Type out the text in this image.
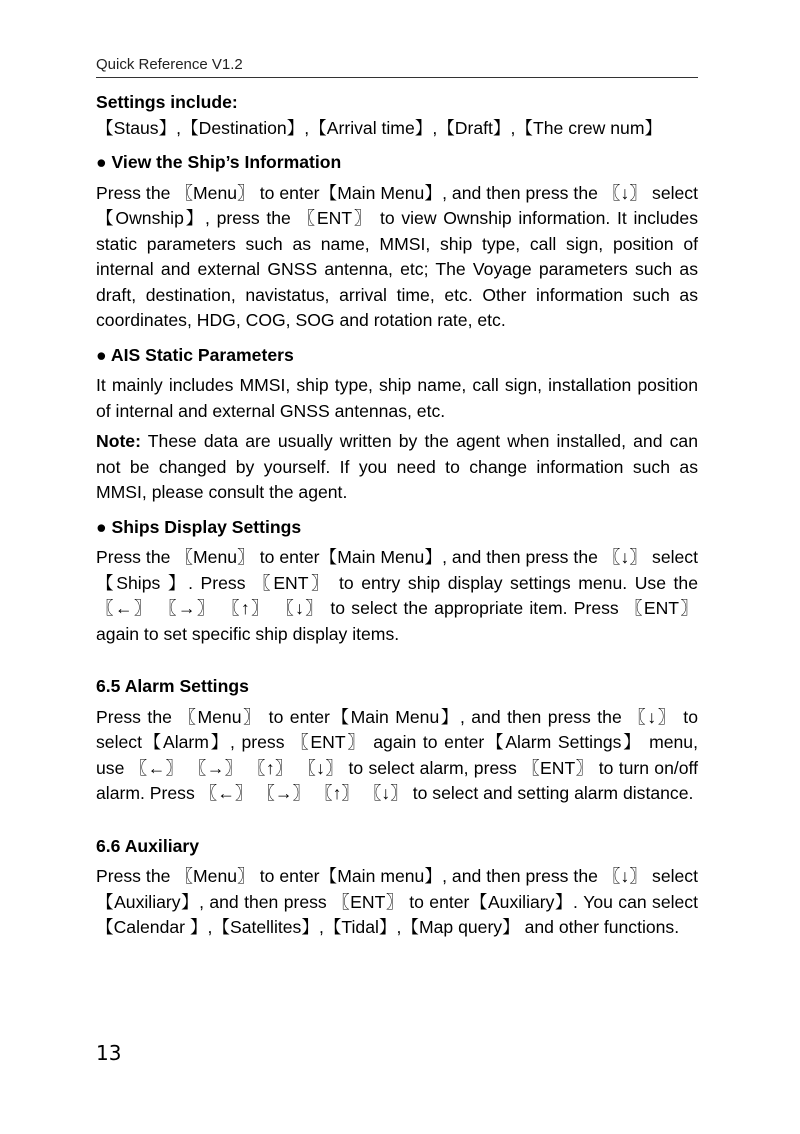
Quick Reference V1.2

Settings include:

【Staus】,【Destination】,【Arrival time】,【Draft】,【The crew num】

● View the Ship’s Information

Press the 〖Menu〗 to enter【Main Menu】, and then press the 〖↓〗 select【Ownship】, press the 〖ENT〗 to view Ownship information. It includes static parameters such as name, MMSI, ship type, call sign, position of internal and external GNSS antenna, etc; The Voyage parameters such as draft, destination, navistatus, arrival time, etc. Other information such as coordinates, HDG, COG, SOG and rotation rate, etc.

● AIS Static Parameters

It mainly includes MMSI, ship type, ship name, call sign, installation position of internal and external GNSS antennas, etc.

Note: These data are usually written by the agent when installed, and can not be changed by yourself. If you need to change information such as MMSI, please consult the agent.

● Ships Display Settings

Press the 〖Menu〗 to enter【Main Menu】, and then press the 〖↓〗 select【Ships 】. Press 〖ENT〗 to entry ship display settings menu. Use the 〖←〗 〖→〗 〖↑〗 〖↓〗 to select the appropriate item. Press 〖ENT〗 again to set specific ship display items.

6.5 Alarm Settings

Press the 〖Menu〗 to enter【Main Menu】, and then press the 〖↓〗 to select【Alarm】, press 〖ENT〗 again to enter【Alarm Settings】 menu, use 〖←〗 〖→〗 〖↑〗 〖↓〗 to select alarm, press 〖ENT〗 to turn on/off alarm. Press 〖←〗 〖→〗 〖↑〗 〖↓〗 to select and setting alarm distance.

6.6 Auxiliary

Press the 〖Menu〗 to enter【Main menu】, and then press the 〖↓〗 select【Auxiliary】, and then press 〖ENT〗 to enter【Auxiliary】. You can select【Calendar 】,【Satellites】,【Tidal】,【Map query】 and other functions.

13
